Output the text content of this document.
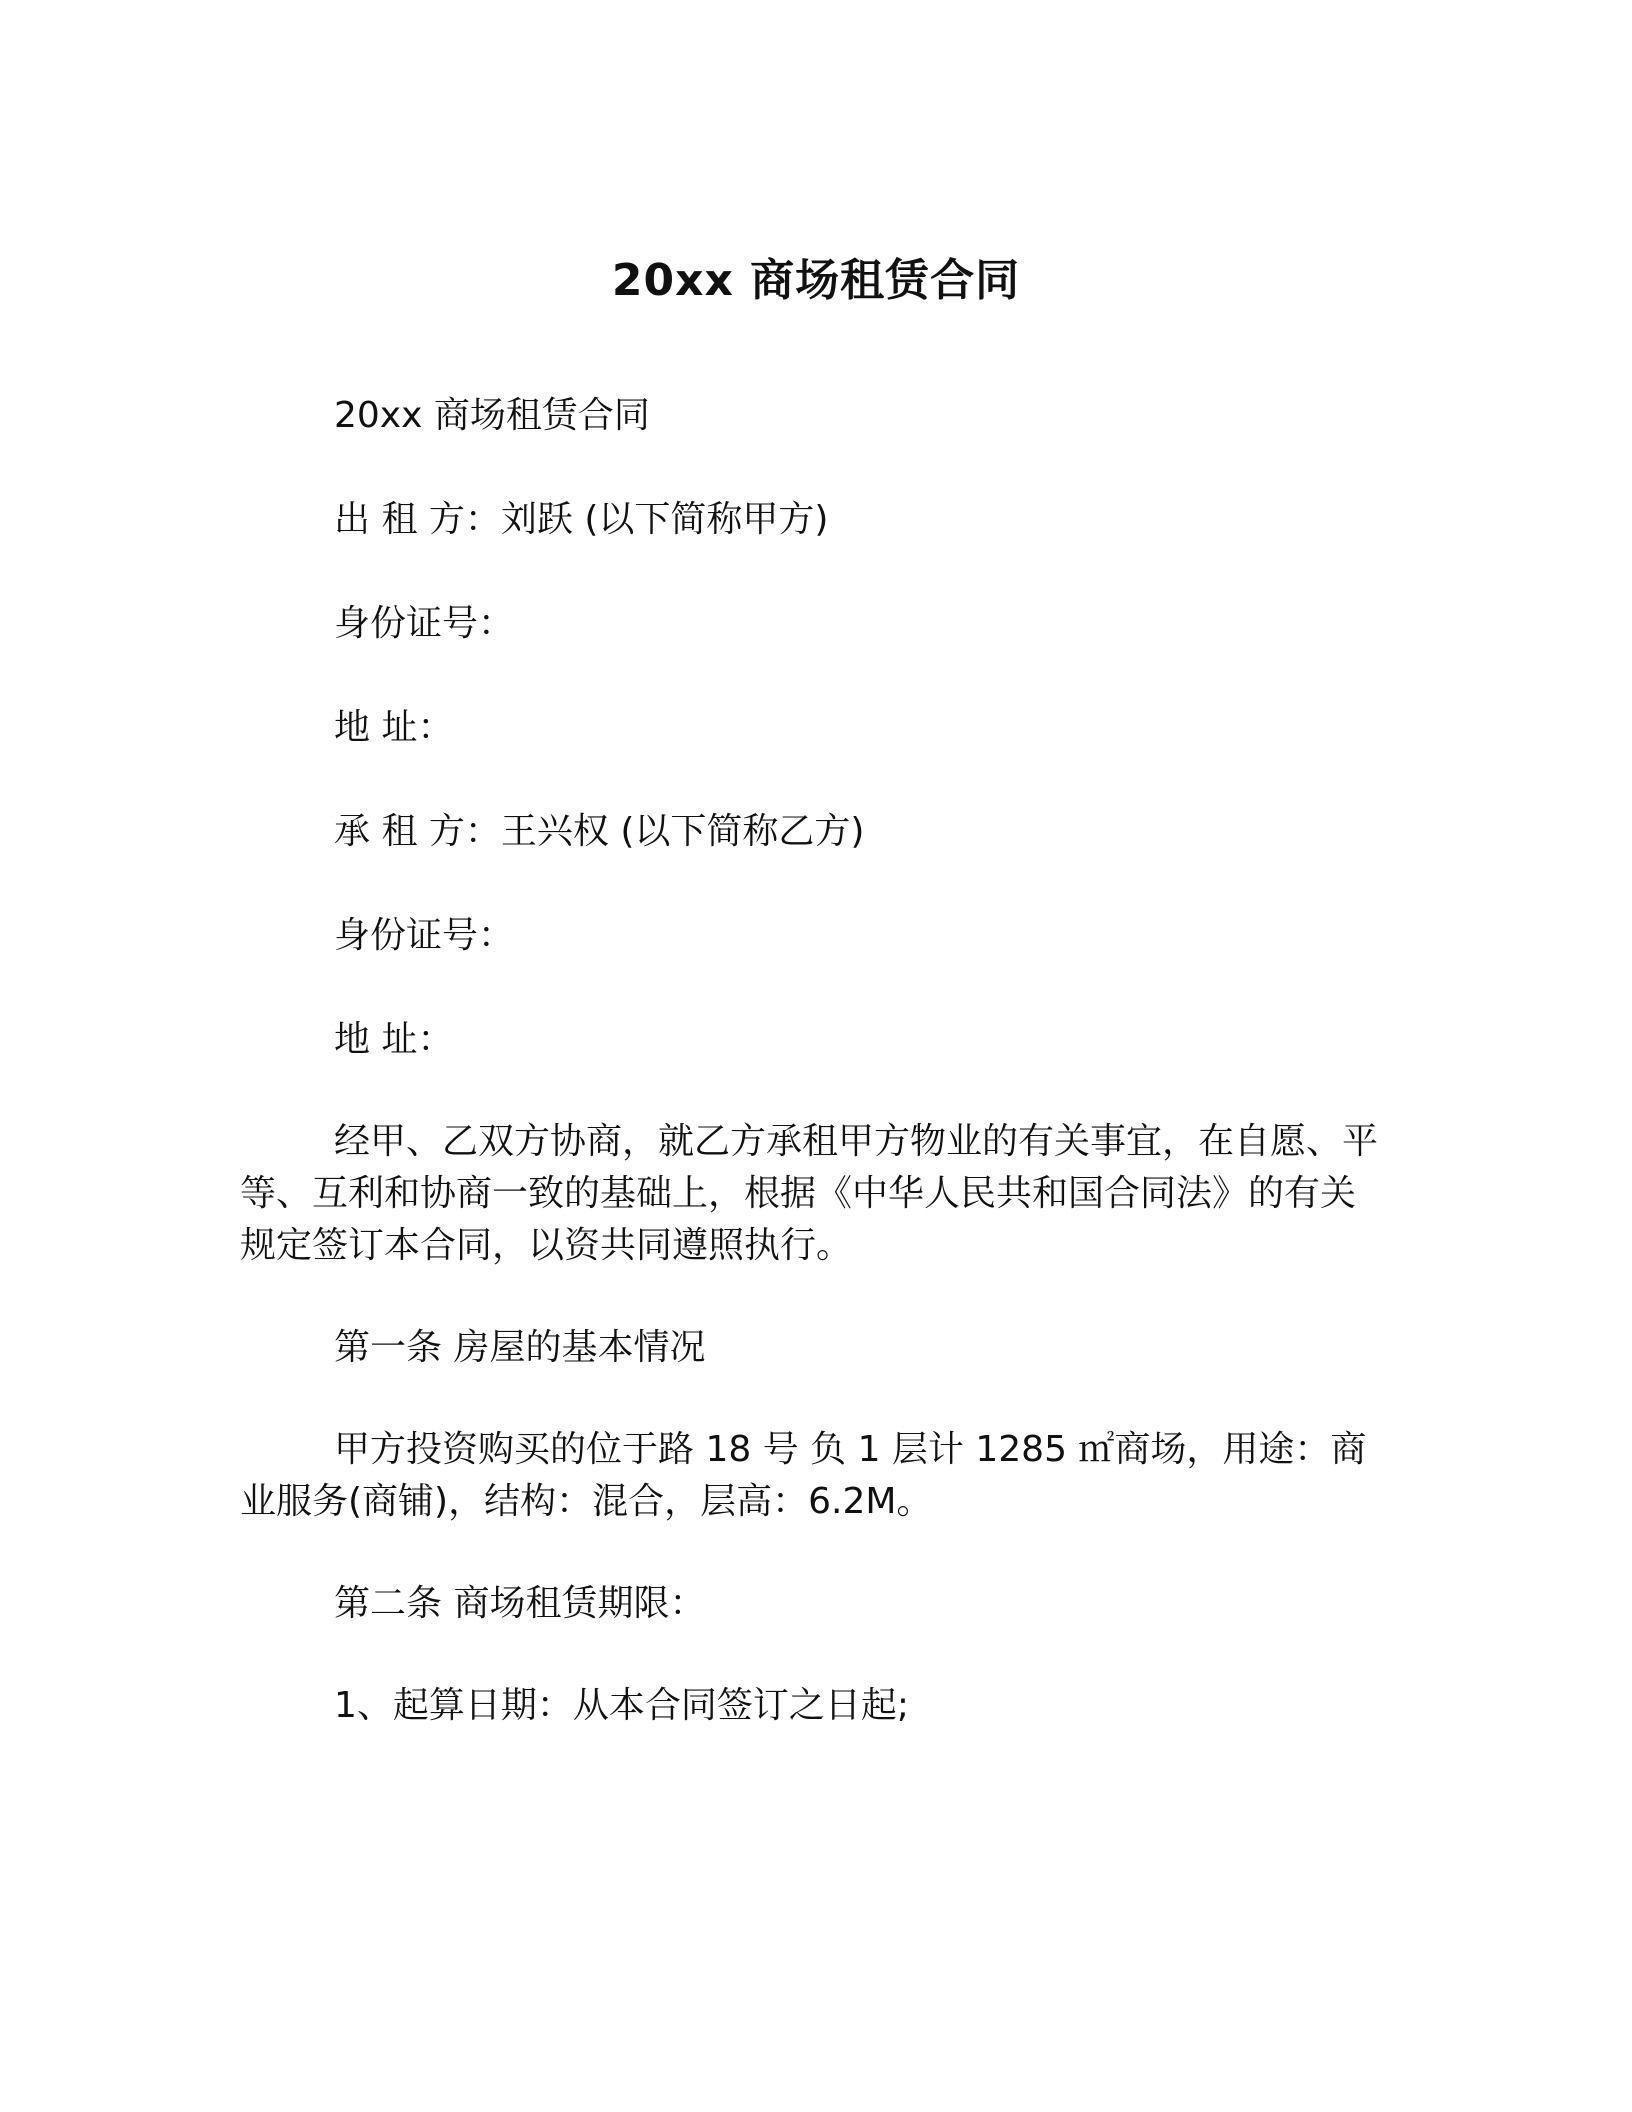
20xx 商场租赁合同

20xx 商场租赁合同

出 租 方：刘跃 (以下简称甲方)

身份证号：

地 址：

承 租 方：王兴权 (以下简称乙方)

身份证号：

地 址：

经甲、乙双方协商，就乙方承租甲方物业的有关事宜，在自愿、平等、互利和协商一致的基础上，根据《中华人民共和国合同法》的有关规定签订本合同，以资共同遵照执行。

第一条 房屋的基本情况

甲方投资购买的位于路 18 号 负 1 层计 1285 ㎡商场，用途：商业服务(商铺)，结构：混合，层高：6.2M。

第二条 商场租赁期限：

1、起算日期：从本合同签订之日起;
